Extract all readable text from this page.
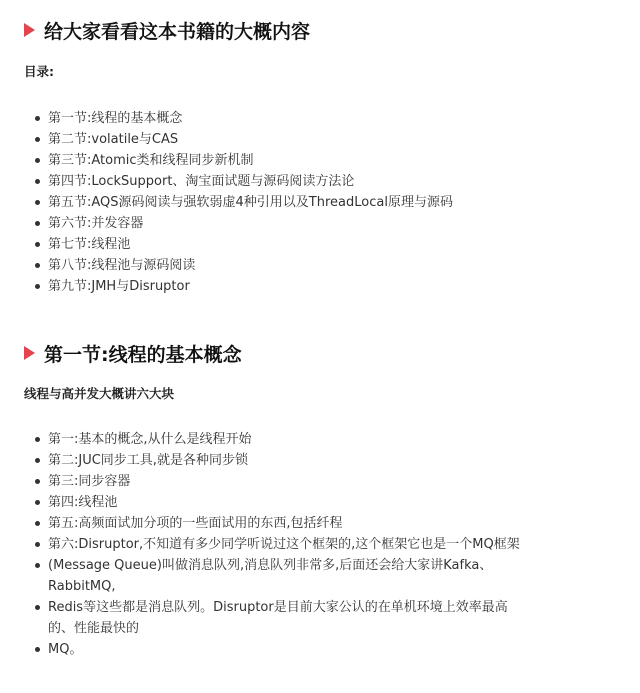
给大家看看这本书籍的大概内容
目录:
第一节:线程的基本概念
第二节:volatile与CAS
第三节:Atomic类和线程同步新机制
第四节:LockSupport、淘宝面试题与源码阅读方法论
第五节:AQS源码阅读与强软弱虚4种引用以及ThreadLocal原理与源码
第六节:并发容器
第七节:线程池
第八节:线程池与源码阅读
第九节:JMH与Disruptor
第一节:线程的基本概念
线程与高并发大概讲六大块
第一:基本的概念,从什么是线程开始
第二:JUC同步工具,就是各种同步锁
第三:同步容器
第四:线程池
第五:高频面试加分项的一些面试用的东西,包括纤程
第六:Disruptor,不知道有多少同学听说过这个框架的,这个框架它也是一个MQ框架
(Message Queue)叫做消息队列,消息队列非常多,后面还会给大家讲Kafka、RabbitMQ,
Redis等这些都是消息队列。Disruptor是目前大家公认的在单机环境上效率最高的、性能最快的
MQ。
